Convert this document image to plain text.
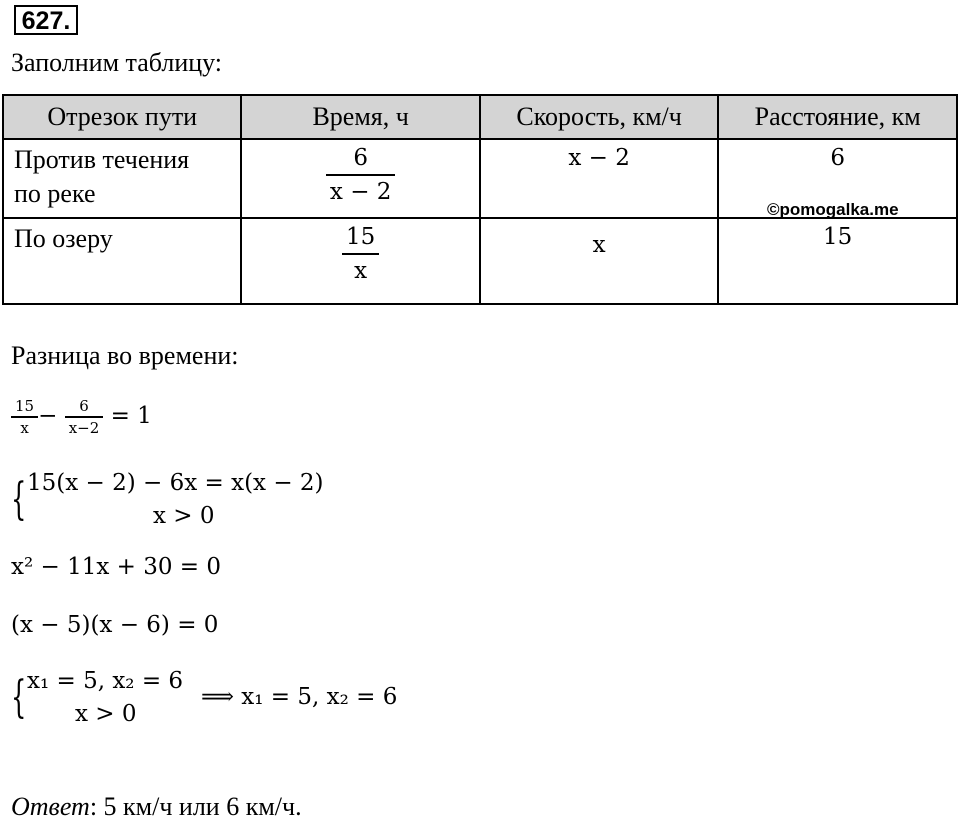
627.
Заполним таблицу:
Отрезок пути	Время, ч	Скорость, км/ч	Расстояние, км
Против течения
по реке	$\frac{6}{x - 2}$	x − 2	6
По озеру	$\frac{15}{x}$	x	15
©pomogalka.me
Разница во времени:
$\frac{15}{x} - \frac{6}{x-2} = 1$
{ 15(x − 2) − 6x = x(x − 2)
x > 0
x² − 11x + 30 = 0
(x − 5)(x − 6) = 0
{ x₁ = 5, x₂ = 6
x > 0
⟹ x₁ = 5, x₂ = 6
Ответ: 5 км/ч или 6 км/ч.
